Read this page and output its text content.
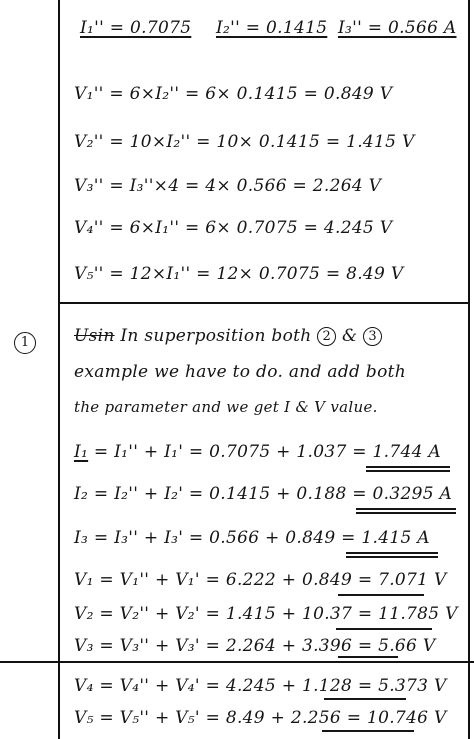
1
I₁'' = 0.7075 I₂'' = 0.1415 I₃'' = 0.566 A
V₁'' = 6×I₂'' = 6× 0.1415 = 0.849 V
V₂'' = 10×I₂'' = 10× 0.1415 = 1.415 V
V₃'' = I₃''×4 = 4× 0.566 = 2.264 V
V₄'' = 6×I₁'' = 6× 0.7075 = 4.245 V
V₅'' = 12×I₁'' = 12× 0.7075 = 8.49 V
Usin In superposition both 2 & 3
example we have to do. and add both
the parameter and we get I & V value.
I₁ = I₁'' + I₁' = 0.7075 + 1.037 = 1.744 A
I₂ = I₂'' + I₂' = 0.1415 + 0.188 = 0.3295 A
I₃ = I₃'' + I₃' = 0.566 + 0.849 = 1.415 A
V₁ = V₁'' + V₁' = 6.222 + 0.849 = 7.071 V
V₂ = V₂'' + V₂' = 1.415 + 10.37 = 11.785 V
V₃ = V₃'' + V₃' = 2.264 + 3.396 = 5.66 V
V₄ = V₄'' + V₄' = 4.245 + 1.128 = 5.373 V
V₅ = V₅'' + V₅' = 8.49 + 2.256 = 10.746 V
